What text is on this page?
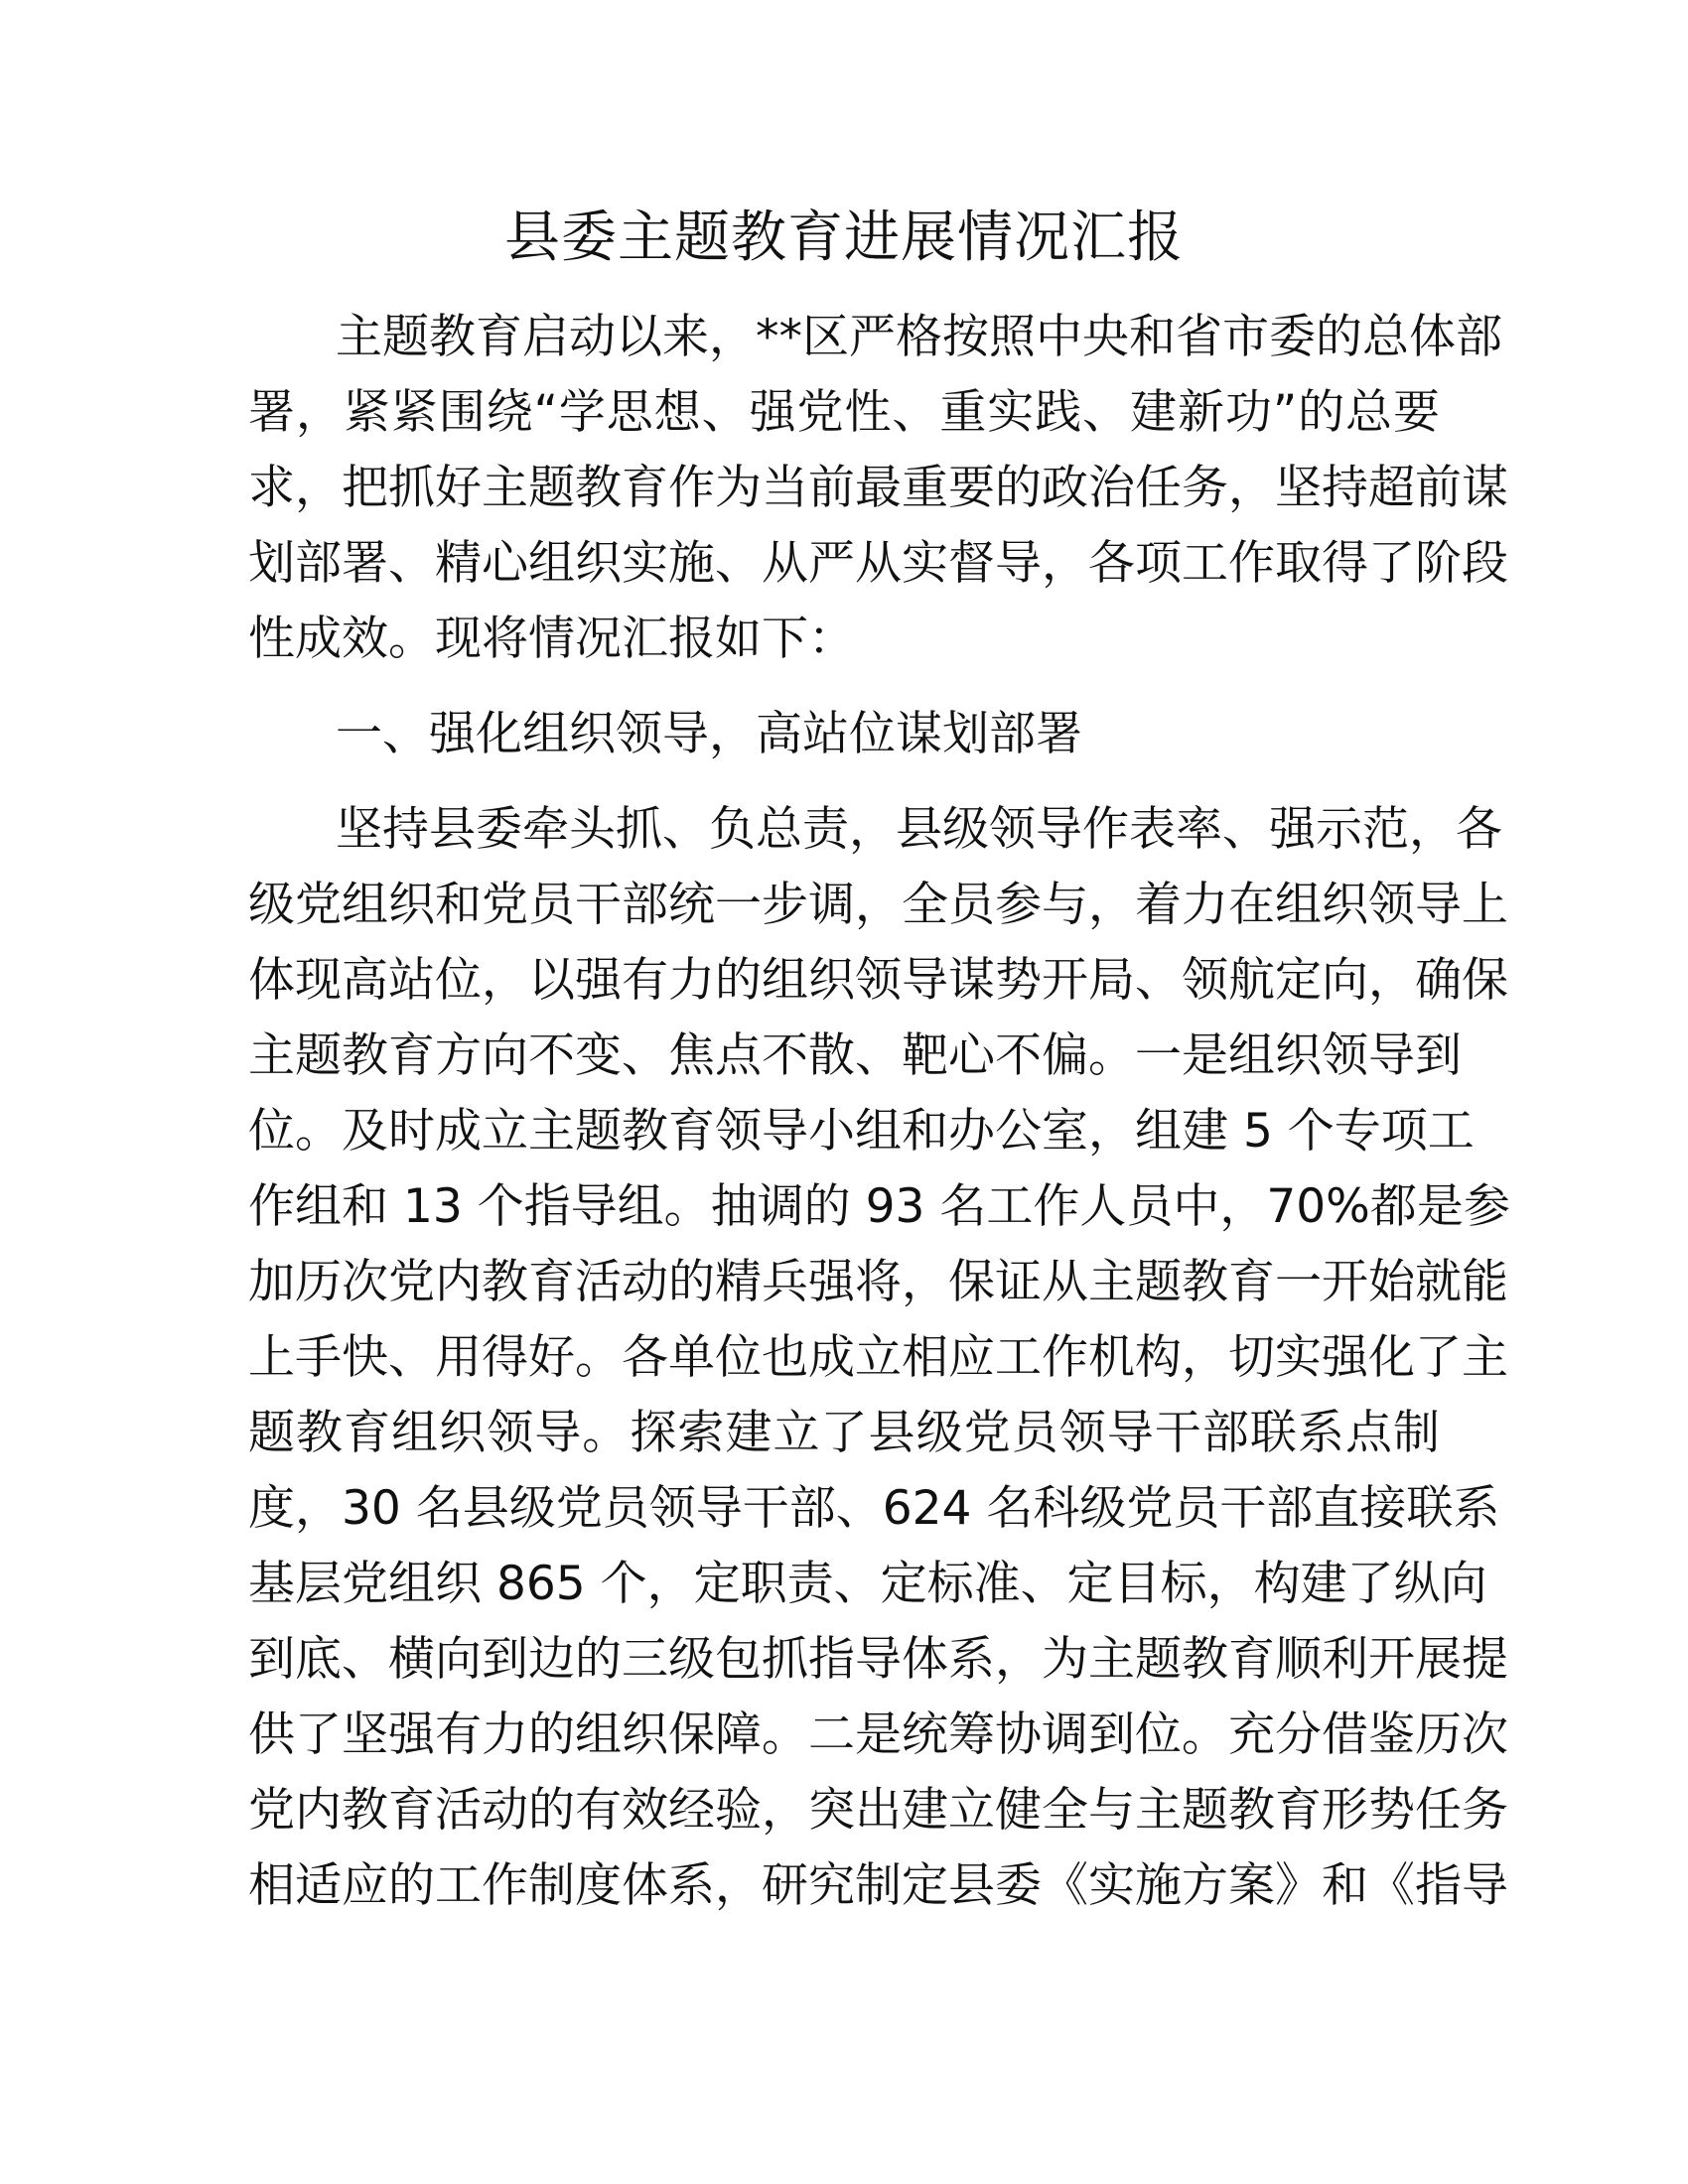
县委主题教育进展情况汇报
主题教育启动以来，**区严格按照中央和省市委的总体部
署，紧紧围绕“学思想、强党性、重实践、建新功”的总要
求，把抓好主题教育作为当前最重要的政治任务，坚持超前谋
划部署、精心组织实施、从严从实督导，各项工作取得了阶段
性成效。现将情况汇报如下：
一、强化组织领导，高站位谋划部署
坚持县委牵头抓、负总责，县级领导作表率、强示范，各
级党组织和党员干部统一步调，全员参与，着力在组织领导上
体现高站位，以强有力的组织领导谋势开局、领航定向，确保
主题教育方向不变、焦点不散、靶心不偏。一是组织领导到
位。及时成立主题教育领导小组和办公室，组建 5 个专项工
作组和 13 个指导组。抽调的 93 名工作人员中，70%都是参
加历次党内教育活动的精兵强将，保证从主题教育一开始就能
上手快、用得好。各单位也成立相应工作机构，切实强化了主
题教育组织领导。探索建立了县级党员领导干部联系点制
度，30 名县级党员领导干部、624 名科级党员干部直接联系
基层党组织 865 个，定职责、定标准、定目标，构建了纵向
到底、横向到边的三级包抓指导体系，为主题教育顺利开展提
供了坚强有力的组织保障。二是统筹协调到位。充分借鉴历次
党内教育活动的有效经验，突出建立健全与主题教育形势任务
相适应的工作制度体系，研究制定县委《实施方案》和《指导
